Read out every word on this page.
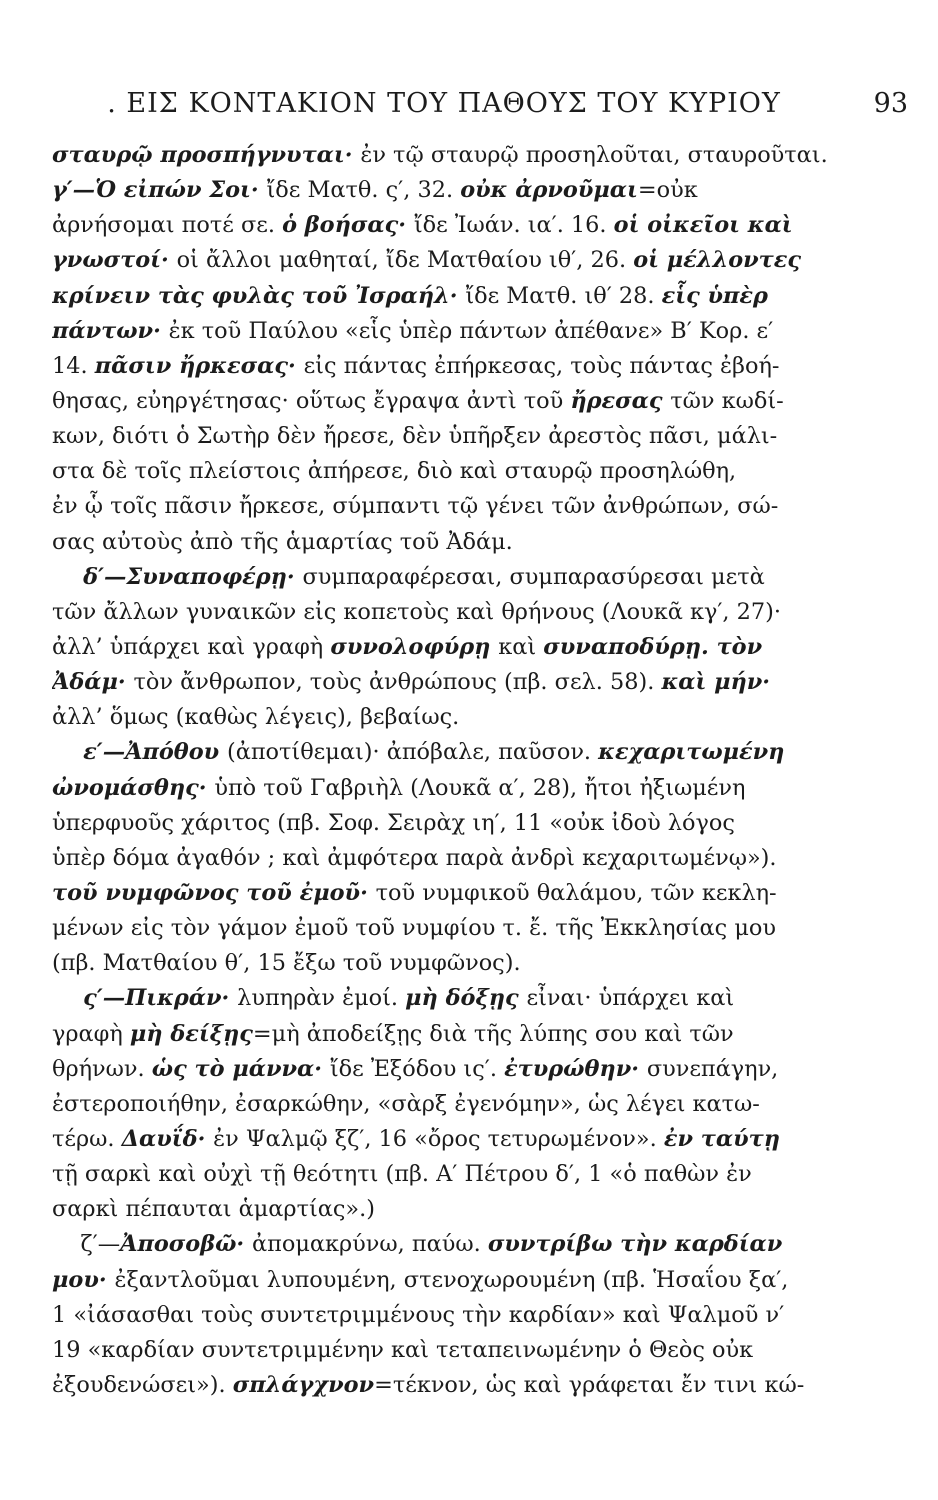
. ΕΙΣ ΚΟΝΤΑΚΙΟΝ ΤΟΥ ΠΑΘΟΥΣ ΤΟΥ ΚΥΡΙΟΥ	93
σταυρῷ προσπήγνυται· ἐν τῷ σταυρῷ προσηλοῦται, σταυροῦται.
γ′—Ὁ εἰπών Σοι· ἴδε Ματθ. ς′, 32. οὐκ ἀρνοῦμαι=οὐκ
ἀρνήσομαι ποτέ σε. ὁ βοήσας· ἴδε Ἰωάν. ια′. 16. οἱ οἰκεῖοι καὶ
γνωστοί· οἱ ἄλλοι μαθηταί, ἴδε Ματθαίου ιθ′, 26. οἱ μέλλοντες
κρίνειν τὰς φυλὰς τοῦ Ἰσραήλ· ἴδε Ματθ. ιθ′ 28. εἷς ὑπὲρ
πάντων· ἐκ τοῦ Παύλου «εἷς ὑπὲρ πάντων ἀπέθανε» Β′ Κορ. ε′
14. πᾶσιν ἤρκεσας· εἰς πάντας ἐπήρκεσας, τοὺς πάντας ἐβοή-
θησας, εὐηργέτησας· οὕτως ἔγραψα ἀντὶ τοῦ ἤρεσας τῶν κωδί-
κων, διότι ὁ Σωτὴρ δὲν ἤρεσε, δὲν ὑπῆρξεν ἀρεστὸς πᾶσι, μάλι-
στα δὲ τοῖς πλείστοις ἀπήρεσε, διὸ καὶ σταυρῷ προσηλώθη,
ἐν ᾧ τοῖς πᾶσιν ἤρκεσε, σύμπαντι τῷ γένει τῶν ἀνθρώπων, σώ-
σας αὐτοὺς ἀπὸ τῆς ἁμαρτίας τοῦ Ἀδάμ.
δ′—Συναποφέρῃ· συμπαραφέρεσαι, συμπαρασύρεσαι μετὰ
τῶν ἄλλων γυναικῶν εἰς κοπετοὺς καὶ θρήνους (Λουκᾶ κγ′, 27)·
ἀλλ’ ὑπάρχει καὶ γραφὴ συνολοφύρῃ καὶ συναποδύρῃ. τὸν
Ἀδάμ· τὸν ἄνθρωπον, τοὺς ἀνθρώπους (πβ. σελ. 58). καὶ μήν·
ἀλλ’ ὅμως (καθὼς λέγεις), βεβαίως.
ε′—Ἀπόθου (ἀποτίθεμαι)· ἀπόβαλε, παῦσον. κεχαριτωμένη
ὠνομάσθης· ὑπὸ τοῦ Γαβριὴλ (Λουκᾶ α′, 28), ἤτοι ἠξιωμένη
ὑπερφυοῦς χάριτος (πβ. Σοφ. Σειρὰχ ιη′, 11 «οὐκ ἰδοὺ λόγος
ὑπὲρ δόμα ἀγαθόν ; καὶ ἀμφότερα παρὰ ἀνδρὶ κεχαριτωμένῳ»).
τοῦ νυμφῶνος τοῦ ἐμοῦ· τοῦ νυμφικοῦ θαλάμου, τῶν κεκλη-
μένων εἰς τὸν γάμον ἐμοῦ τοῦ νυμφίου τ. ἔ. τῆς Ἐκκλησίας μου
(πβ. Ματθαίου θ′, 15 ἔξω τοῦ νυμφῶνος).
ς′—Πικράν· λυπηρὰν ἐμοί. μὴ δόξῃς εἶναι· ὑπάρχει καὶ
γραφὴ μὴ δείξῃς=μὴ ἀποδείξῃς διὰ τῆς λύπης σου καὶ τῶν
θρήνων. ὡς τὸ μάννα· ἴδε Ἐξόδου ις′. ἐτυρώθην· συνεπάγην,
ἐστεροποιήθην, ἐσαρκώθην, «σὰρξ ἐγενόμην», ὡς λέγει κατω-
τέρω. Δαυΐδ· ἐν Ψαλμῷ ξζ′, 16 «ὄρος τετυρωμένον». ἐν ταύτῃ
τῇ σαρκὶ καὶ οὐχὶ τῇ θεότητι (πβ. Α′ Πέτρου δ′, 1 «ὁ παθὼν ἐν
σαρκὶ πέπαυται ἁμαρτίας».)
ζ′—Ἀποσοβῶ· ἀπομακρύνω, παύω. συντρίβω τὴν καρδίαν
μου· ἐξαντλοῦμαι λυπουμένη, στενοχωρουμένη (πβ. Ἡσαΐου ξα′,
1 «ἰάσασθαι τοὺς συντετριμμένους τὴν καρδίαν» καὶ Ψαλμοῦ ν′
19 «καρδίαν συντετριμμένην καὶ τεταπεινωμένην ὁ Θεὸς οὐκ
ἐξουδενώσει»). σπλάγχνον=τέκνον, ὡς καὶ γράφεται ἔν τινι κώ-
